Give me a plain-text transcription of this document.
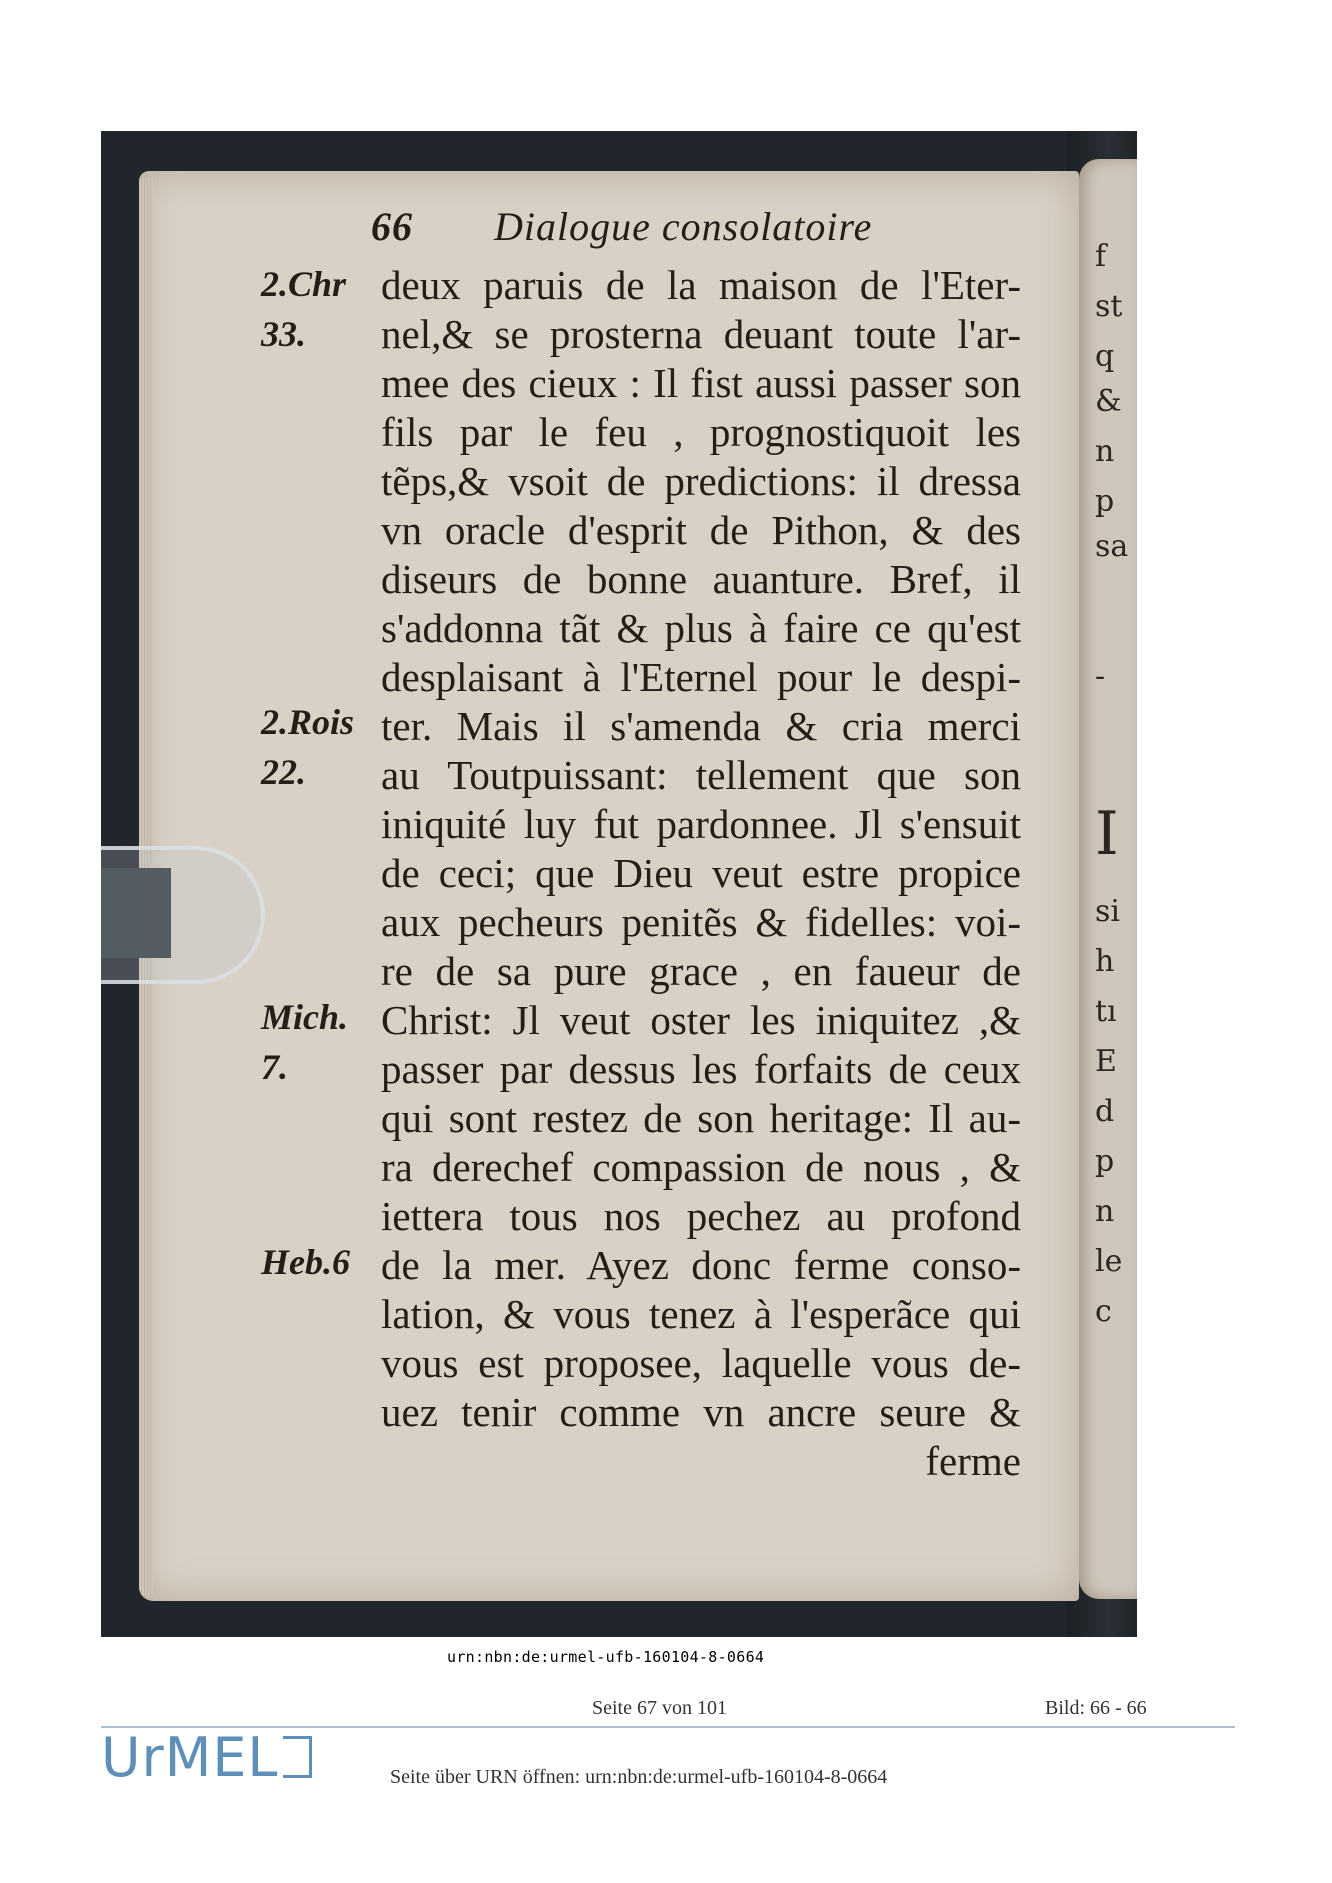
f
st
q
&
n
p
sa
-
I
si
h
tı
E
d
p
n
le
c
66 Dialogue consolatoire
2.Chr
33.
2.Rois
22.
Mich.
7.
Heb.6
deux paruis de la maison de l'Eter-
nel,& se prosterna deuant toute l'ar-
mee des cieux : Il fist aussi passer son
fils par le feu , prognostiquoit les
tẽps,& vsoit de predictions: il dressa
vn oracle d'esprit de Pithon, & des
diseurs de bonne auanture. Bref, il
s'addonna tãt & plus à faire ce qu'est
desplaisant à l'Eternel pour le despi-
ter. Mais il s'amenda & cria merci
au Toutpuissant: tellement que son
iniquité luy fut pardonnee. Jl s'ensuit
de ceci; que Dieu veut estre propice
aux pecheurs penitẽs & fidelles: voi-
re de sa pure grace , en faueur de
Christ: Jl veut oster les iniquitez ,&
passer par dessus les forfaits de ceux
qui sont restez de son heritage: Il au-
ra derechef compassion de nous , &
iettera tous nos pechez au profond
de la mer. Ayez donc ferme conso-
lation, & vous tenez à l'esperãce qui
vous est proposee, laquelle vous de-
uez tenir comme vn ancre seure &
ferme
urn:nbn:de:urmel-ufb-160104-8-0664
Seite 67 von 101	Bild: 66 - 66
UrMEL	Seite über URN öffnen: urn:nbn:de:urmel-ufb-160104-8-0664
